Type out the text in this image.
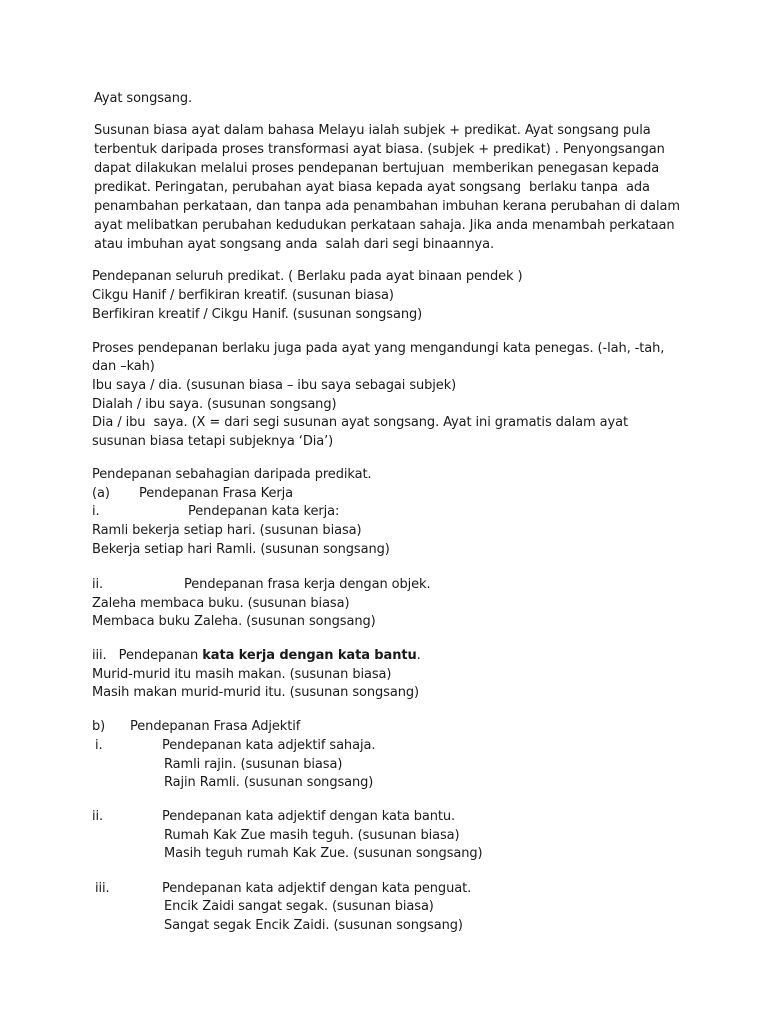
Ayat songsang.
Susunan biasa ayat dalam bahasa Melayu ialah subjek + predikat. Ayat songsang pula
terbentuk daripada proses transformasi ayat biasa. (subjek + predikat) . Penyongsangan
dapat dilakukan melalui proses pendepanan bertujuan  memberikan penegasan kepada
predikat. Peringatan, perubahan ayat biasa kepada ayat songsang  berlaku tanpa  ada
penambahan perkataan, dan tanpa ada penambahan imbuhan kerana perubahan di dalam
ayat melibatkan perubahan kedudukan perkataan sahaja. Jika anda menambah perkataan
atau imbuhan ayat songsang anda  salah dari segi binaannya.
Pendepanan seluruh predikat. ( Berlaku pada ayat binaan pendek )
Cikgu Hanif / berfikiran kreatif. (susunan biasa)
Berfikiran kreatif / Cikgu Hanif. (susunan songsang)
Proses pendepanan berlaku juga pada ayat yang mengandungi kata penegas. (-lah, -tah,
dan –kah)
Ibu saya / dia. (susunan biasa – ibu saya sebagai subjek)
Dialah / ibu saya. (susunan songsang)
Dia / ibu  saya. (X = dari segi susunan ayat songsang. Ayat ini gramatis dalam ayat
susunan biasa tetapi subjeknya ‘Dia’)
Pendepanan sebahagian daripada predikat.
(a) Pendepanan Frasa Kerja
i.	Pendepanan kata kerja:
Ramli bekerja setiap hari. (susunan biasa)
Bekerja setiap hari Ramli. (susunan songsang)
ii.	Pendepanan frasa kerja dengan objek.
Zaleha membaca buku. (susunan biasa)
Membaca buku Zaleha. (susunan songsang)
iii.   Pendepanan kata kerja dengan kata bantu.
Murid-murid itu masih makan. (susunan biasa)
Masih makan murid-murid itu. (susunan songsang)
b) Pendepanan Frasa Adjektif
i.	Pendepanan kata adjektif sahaja.
Ramli rajin. (susunan biasa)
Rajin Ramli. (susunan songsang)
ii.	Pendepanan kata adjektif dengan kata bantu.
Rumah Kak Zue masih teguh. (susunan biasa)
Masih teguh rumah Kak Zue. (susunan songsang)
iii.	Pendepanan kata adjektif dengan kata penguat.
Encik Zaidi sangat segak. (susunan biasa)
Sangat segak Encik Zaidi. (susunan songsang)
